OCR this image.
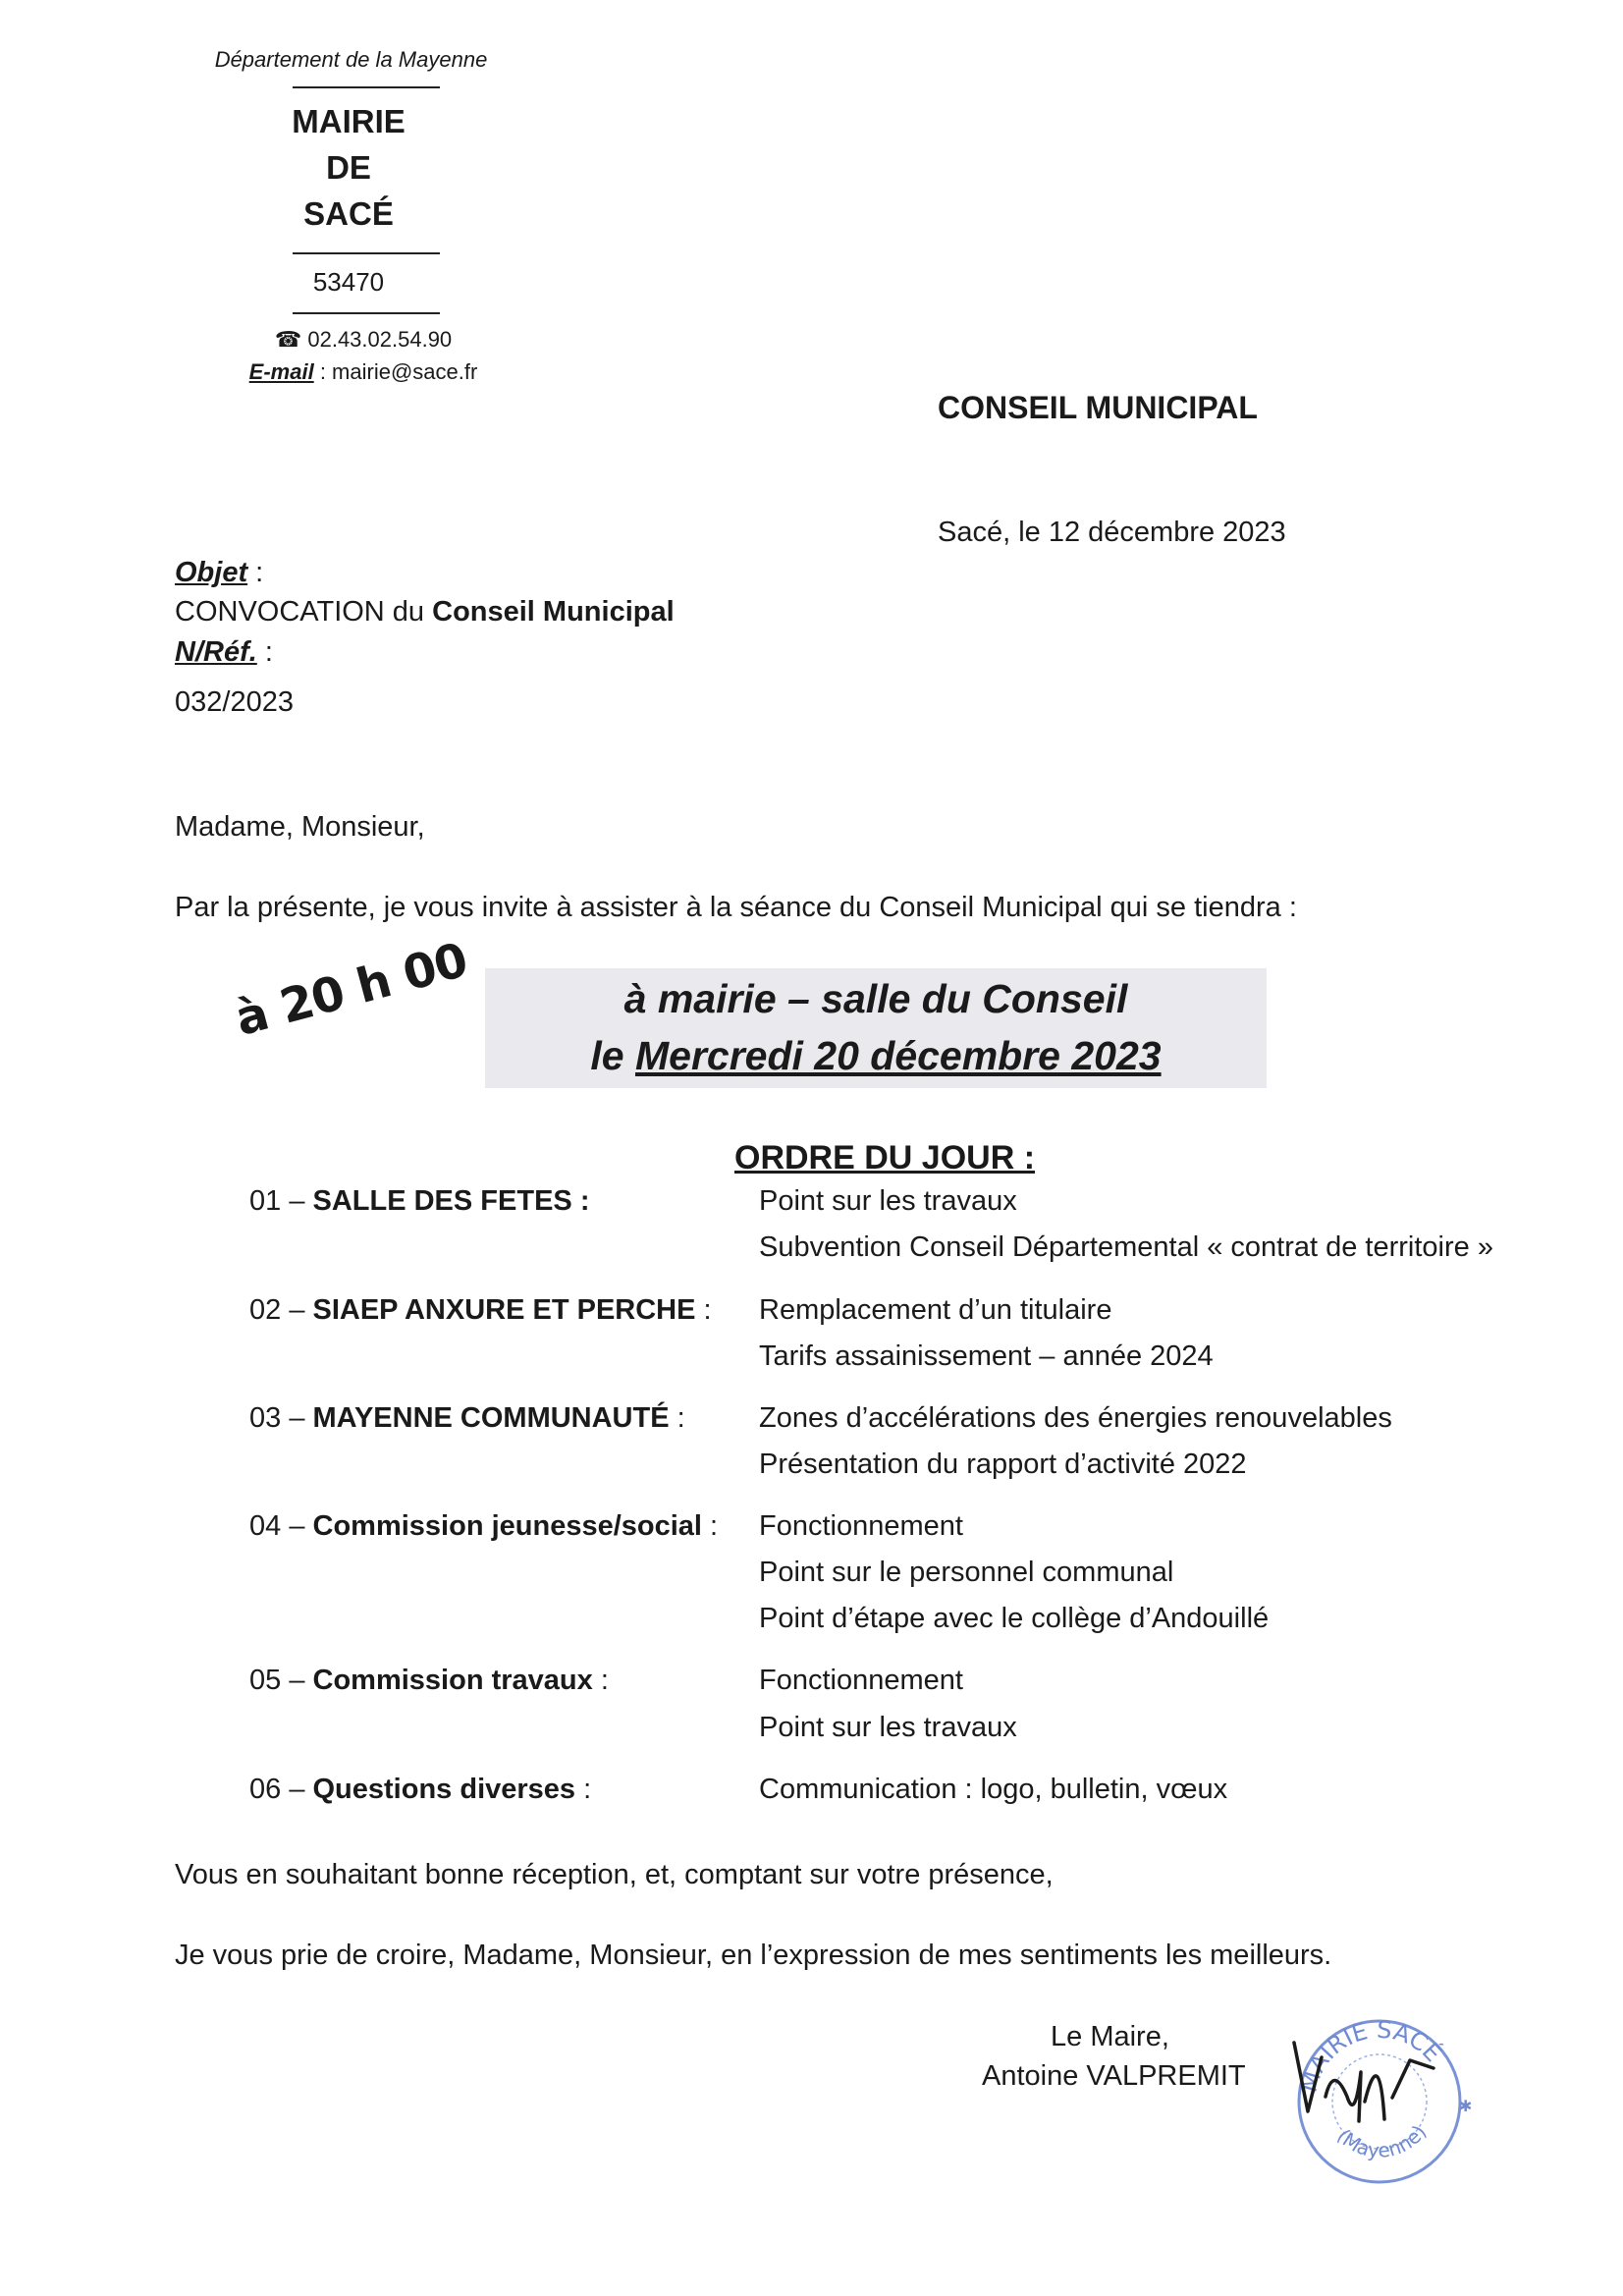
Département de la Mayenne
MAIRIE
DE
SACÉ
53470
☎ 02.43.02.54.90
E-mail : mairie@sace.fr
CONSEIL MUNICIPAL
Sacé, le 12 décembre 2023
Objet :
CONVOCATION du Conseil Municipal
N/Réf. :
032/2023
Madame, Monsieur,
Par la présente, je vous invite à assister à la séance du Conseil Municipal qui se tiendra :
à 20 h 00	à mairie – salle du Conseil
le Mercredi 20 décembre 2023
ORDRE DU JOUR :
01 – SALLE DES FETES :	Point sur les travaux
Subvention Conseil Départemental « contrat de territoire »
02 – SIAEP ANXURE ET PERCHE : Remplacement d’un titulaire
Tarifs assainissement – année 2024
03 – MAYENNE COMMUNAUTÉ :	Zones d’accélérations des énergies renouvelables
Présentation du rapport d’activité 2022
04 – Commission jeunesse/social : Fonctionnement
Point sur le personnel communal
Point d’étape avec le collège d’Andouillé
05 – Commission travaux :	Fonctionnement
Point sur les travaux
06 – Questions diverses :	Communication : logo, bulletin, vœux
Vous en souhaitant bonne réception, et, comptant sur votre présence,
Je vous prie de croire, Madame, Monsieur, en l’expression de mes sentiments les meilleurs.
Le Maire,
Antoine VALPREMIT MAIRIE SACÉ
(Mayenne)
✱
